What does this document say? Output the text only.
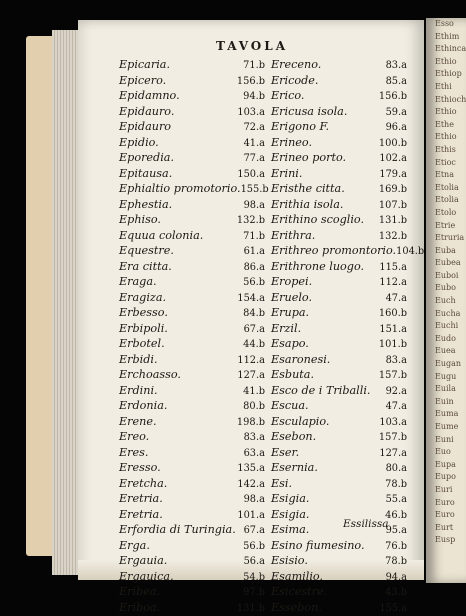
Esso
Ethim
Ethinca
Ethio
Ethiop
Ethi
Ethioch
Ethio
Ethe
Ethio
Ethis
Etioc
Etna
Etolia
Etolia
Etolo
Etrie
Etruria
Euba
Eubea
Euboi
Eubo
Euch
Eucha
Euchi
Eudo
Euea
Eugan
Eugu
Euila
Euin
Euma
Eume
Euni
Euo
Eupa
Eupo
Euri
Euro
Euro
Eurt
Eusp
TAVOLA
Epicaria.	71.b
Epicero.	156.b
Epidamno.	94.b
Epidauro.	103.a
Epidauro	72.a
Epidio.	41.a
Eporedia.	77.a
Epitausa.	150.a
Ephialtio promotorio. 155.b
Ephestia.	98.a
Ephiso.	132.b
Equua colonia.	71.b
Equestre.	61.a
Era citta.	86.a
Eraga.	56.b
Eragiza.	154.a
Erbesso.	84.b
Erbipoli.	67.a
Erbotel.	44.b
Erbidi.	112.a
Erchoasso.	127.a
Erdini.	41.b
Erdonia.	80.b
Erene.	198.b
Ereo.	83.a
Eres.	63.a
Eresso.	135.a
Eretcha.	142.a
Eretria.	98.a
Eretria.	101.a
Erfordia di Turingia. 67.a
Erga.	56.b
Ergauia.	56.a
Ergauica.	54.b
Eribea.	97.b
Eriboa.	131.b
Ereceno.	83.a
Ericode.	85.a
Erico.	156.b
Ericusa isola.	59.a
Erigono F.	96.a
Erineo.	100.b
Erineo porto.	102.a
Erini.	179.a
Eristhe citta.	169.b
Erithia isola.	107.b
Erithino scoglio. 131.b
Erithra.	132.b
Erithreo promontorio. 104.b
Erithrone luogo. 115.a
Eropei.	112.a
Eruelo.	47.a
Erupa.	160.b
Erzil.	151.a
Esapo.	101.b
Esaronesi.	83.a
Esbuta.	157.b
Esco de i Triballi. 92.a
Escua.	47.a
Esculapio.	103.a
Esebon.	157.b
Eser.	127.a
Esernia.	80.a
Esi.	78.b
Esigia.	55.a
Esigia.	46.b
Esima.	95.a
Esino fiumesino. 76.b
Esisio.	78.b
Esamilio.	94.a
Esicestre.	43.b
Essebon.	155.a
Essilissa
